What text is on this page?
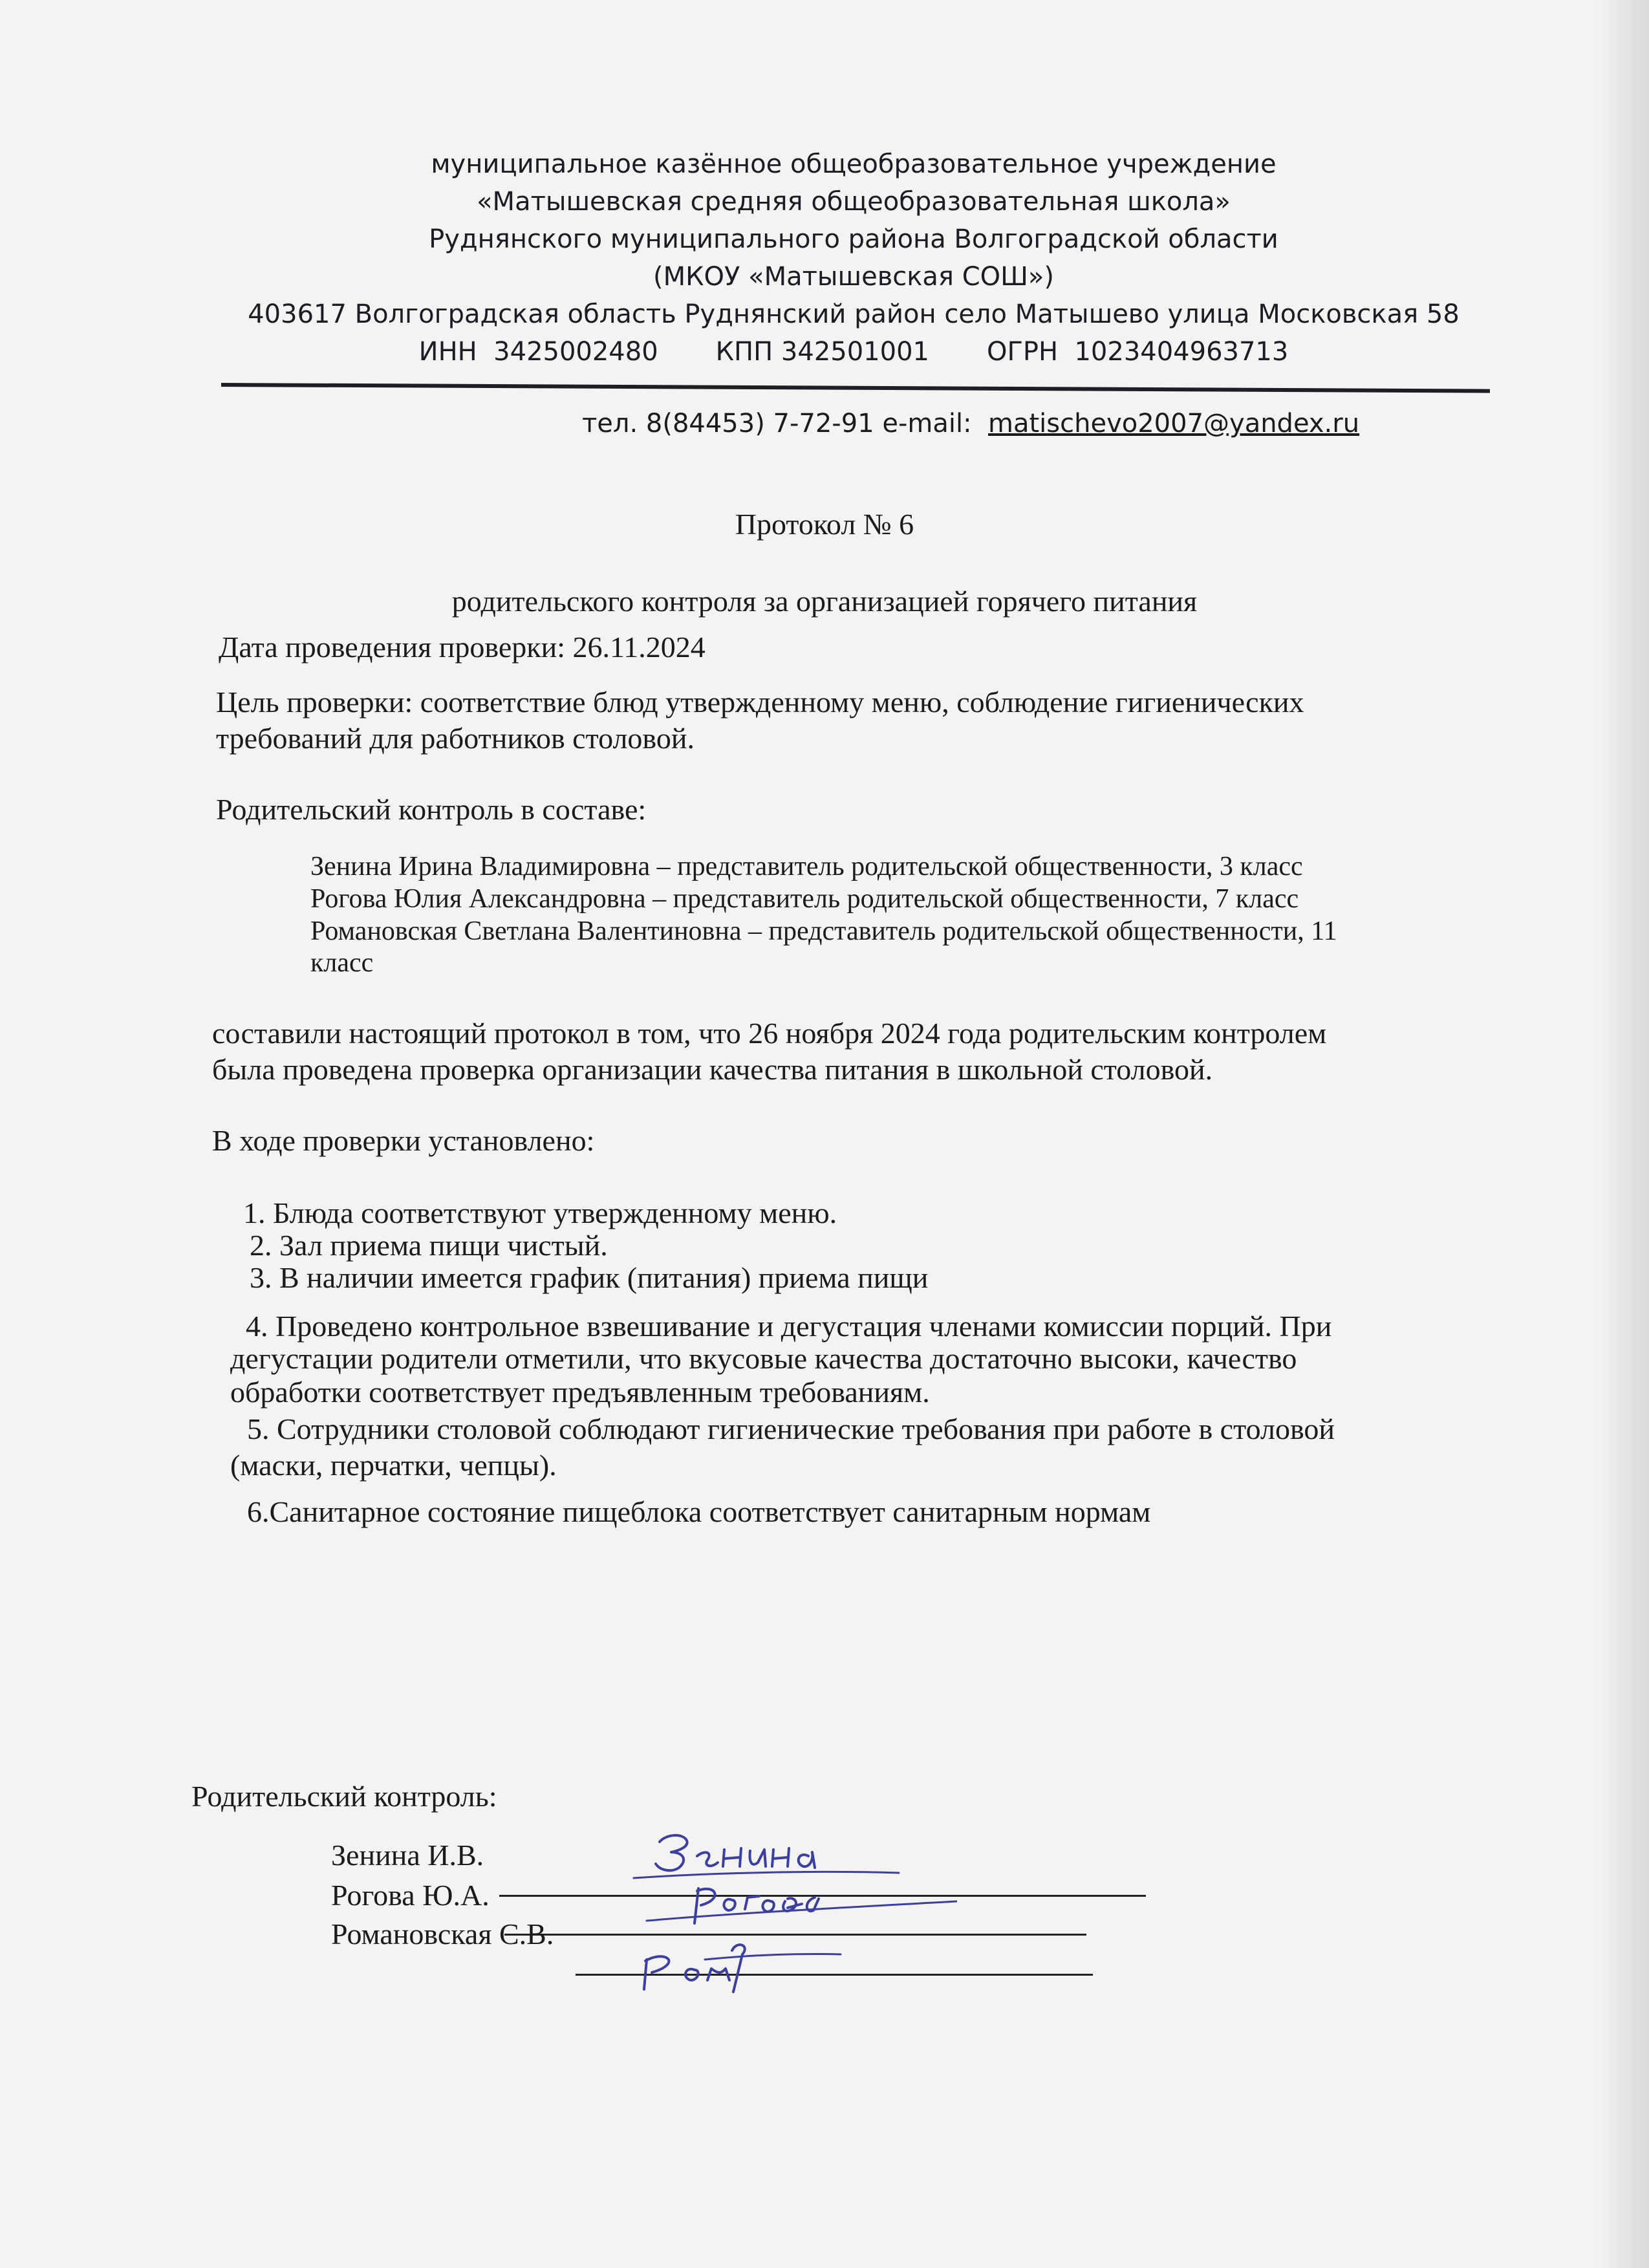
муниципальное казённое общеобразовательное учреждение
«Матышевская средняя общеобразовательная школа»
Руднянского муниципального района Волгоградской области
(МКОУ «Матышевская СОШ»)
403617 Волгоградская область Руднянский район село Матышево улица Московская 58
ИНН  3425002480       КПП 342501001       ОГРН  1023404963713
тел. 8(84453) 7-72-91 e-mail:  matischevo2007@yandex.ru
Протокол № 6
родительского контроля за организацией горячего питания
Дата проведения проверки: 26.11.2024
Цель проверки: соответствие блюд утвержденному меню, соблюдение гигиенических
требований для работников столовой.
Родительский контроль в составе:
Зенина Ирина Владимировна – представитель родительской общественности, 3 класс
Рогова Юлия Александровна – представитель родительской общественности, 7 класс
Романовская Светлана Валентиновна – представитель родительской общественности, 11
класс
составили настоящий протокол в том, что 26 ноября 2024 года родительским контролем
была проведена проверка организации качества питания в школьной столовой.
В ходе проверки установлено:
1. Блюда соответствуют утвержденному меню.
2. Зал приема пищи чистый.
3. В наличии имеется график (питания) приема пищи
4. Проведено контрольное взвешивание и дегустация членами комиссии порций. При
дегустации родители отметили, что вкусовые качества достаточно высоки, качество
обработки соответствует предъявленным требованиям.
5. Сотрудники столовой соблюдают гигиенические требования при работе в столовой
(маски, перчатки, чепцы).
6.Санитарное состояние пищеблока соответствует санитарным нормам
Родительский контроль:
Зенина И.В.
Рогова Ю.А.
Романовская С.В.
